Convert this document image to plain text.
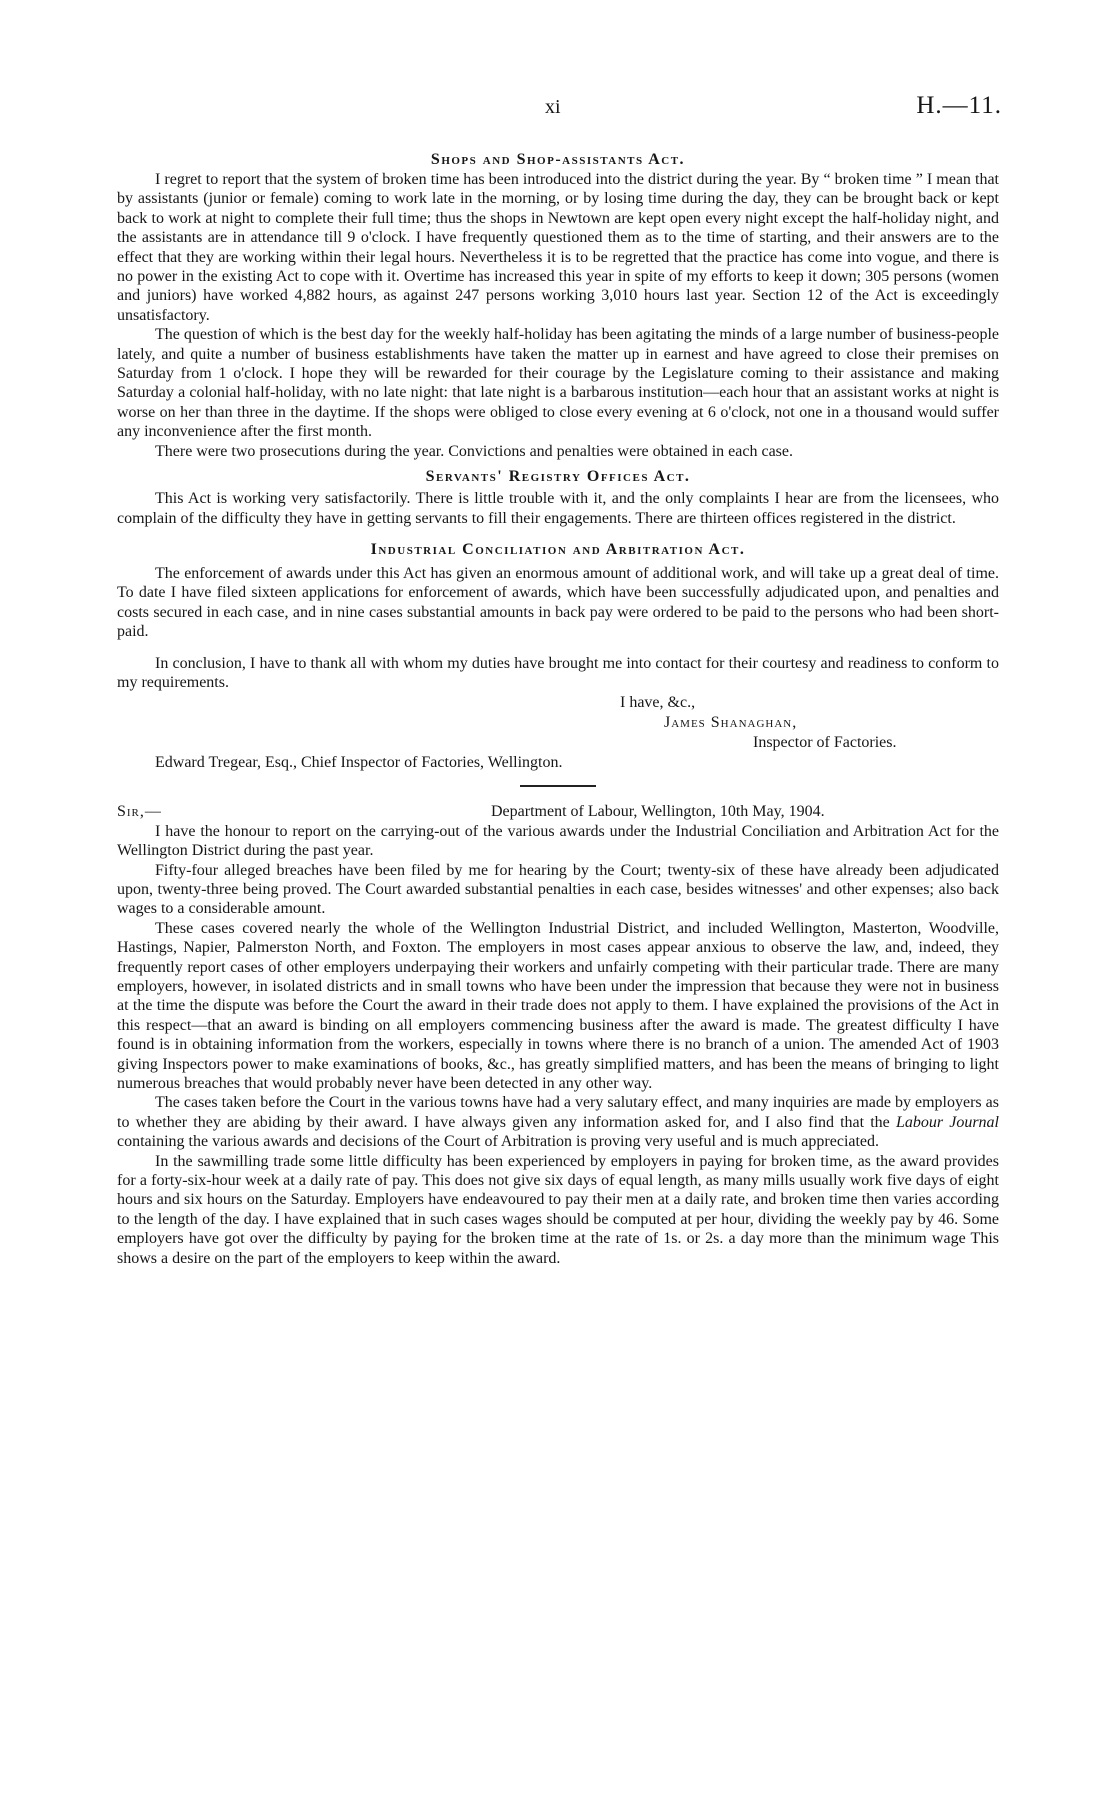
xi	H.—11.
Shops and Shop-assistants Act.

I regret to report that the system of broken time has been introduced into the district during the year. By “ broken time ” I mean that by assistants (junior or female) coming to work late in the morning, or by losing time during the day, they can be brought back or kept back to work at night to complete their full time; thus the shops in Newtown are kept open every night except the half-holiday night, and the assistants are in attendance till 9 o'clock. I have frequently questioned them as to the time of starting, and their answers are to the effect that they are working within their legal hours. Nevertheless it is to be regretted that the practice has come into vogue, and there is no power in the existing Act to cope with it. Overtime has increased this year in spite of my efforts to keep it down; 305 persons (women and juniors) have worked 4,882 hours, as against 247 persons working 3,010 hours last year. Section 12 of the Act is exceedingly unsatisfactory.

The question of which is the best day for the weekly half-holiday has been agitating the minds of a large number of business-people lately, and quite a number of business establishments have taken the matter up in earnest and have agreed to close their premises on Saturday from 1 o'clock. I hope they will be rewarded for their courage by the Legislature coming to their assistance and making Saturday a colonial half-holiday, with no late night: that late night is a barbarous institution—each hour that an assistant works at night is worse on her than three in the daytime. If the shops were obliged to close every evening at 6 o'clock, not one in a thousand would suffer any inconvenience after the first month.

There were two prosecutions during the year. Convictions and penalties were obtained in each case.

Servants' Registry Offices Act.

This Act is working very satisfactorily. There is little trouble with it, and the only complaints I hear are from the licensees, who complain of the difficulty they have in getting servants to fill their engagements. There are thirteen offices registered in the district.

Industrial Conciliation and Arbitration Act.

The enforcement of awards under this Act has given an enormous amount of additional work, and will take up a great deal of time. To date I have filed sixteen applications for enforcement of awards, which have been successfully adjudicated upon, and penalties and costs secured in each case, and in nine cases substantial amounts in back pay were ordered to be paid to the persons who had been short-paid.

In conclusion, I have to thank all with whom my duties have brought me into contact for their courtesy and readiness to conform to my requirements.

I have, &c.,
James Shanaghan,
Inspector of Factories.

Edward Tregear, Esq., Chief Inspector of Factories, Wellington.

Sir,—	Department of Labour, Wellington, 10th May, 1904.

I have the honour to report on the carrying-out of the various awards under the Industrial Conciliation and Arbitration Act for the Wellington District during the past year.

Fifty-four alleged breaches have been filed by me for hearing by the Court; twenty-six of these have already been adjudicated upon, twenty-three being proved. The Court awarded substantial penalties in each case, besides witnesses' and other expenses; also back wages to a considerable amount.

These cases covered nearly the whole of the Wellington Industrial District, and included Wellington, Masterton, Woodville, Hastings, Napier, Palmerston North, and Foxton. The employers in most cases appear anxious to observe the law, and, indeed, they frequently report cases of other employers underpaying their workers and unfairly competing with their particular trade. There are many employers, however, in isolated districts and in small towns who have been under the impression that because they were not in business at the time the dispute was before the Court the award in their trade does not apply to them. I have explained the provisions of the Act in this respect—that an award is binding on all employers commencing business after the award is made. The greatest difficulty I have found is in obtaining information from the workers, especially in towns where there is no branch of a union. The amended Act of 1903 giving Inspectors power to make examinations of books, &c., has greatly simplified matters, and has been the means of bringing to light numerous breaches that would probably never have been detected in any other way.

The cases taken before the Court in the various towns have had a very salutary effect, and many inquiries are made by employers as to whether they are abiding by their award. I have always given any information asked for, and I also find that the Labour Journal containing the various awards and decisions of the Court of Arbitration is proving very useful and is much appreciated.

In the sawmilling trade some little difficulty has been experienced by employers in paying for broken time, as the award provides for a forty-six-hour week at a daily rate of pay. This does not give six days of equal length, as many mills usually work five days of eight hours and six hours on the Saturday. Employers have endeavoured to pay their men at a daily rate, and broken time then varies according to the length of the day. I have explained that in such cases wages should be computed at per hour, dividing the weekly pay by 46. Some employers have got over the difficulty by paying for the broken time at the rate of 1s. or 2s. a day more than the minimum wage This shows a desire on the part of the employers to keep within the award.
